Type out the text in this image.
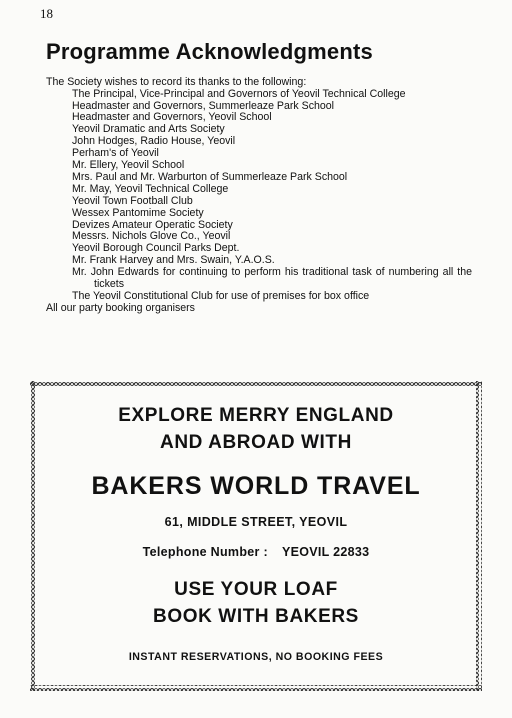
18
Programme Acknowledgments
The Society wishes to record its thanks to the following:
The Principal, Vice-Principal and Governors of Yeovil Technical College
Headmaster and Governors, Summerleaze Park School
Headmaster and Governors, Yeovil School
Yeovil Dramatic and Arts Society
John Hodges, Radio House, Yeovil
Perham's of Yeovil
Mr. Ellery, Yeovil School
Mrs. Paul and Mr. Warburton of Summerleaze Park School
Mr. May, Yeovil Technical College
Yeovil Town Football Club
Wessex Pantomime Society
Devizes Amateur Operatic Society
Messrs. Nichols Glove Co., Yeovil
Yeovil Borough Council Parks Dept.
Mr. Frank Harvey and Mrs. Swain, Y.A.O.S.
Mr. John Edwards for continuing to perform his traditional task of numbering all the tickets
The Yeovil Constitutional Club for use of premises for box office
All our party booking organisers
EXPLORE MERRY ENGLAND
AND ABROAD WITH
BAKERS WORLD TRAVEL
61, MIDDLE STREET, YEOVIL
Telephone Number : YEOVIL 22833
USE YOUR LOAF
BOOK WITH BAKERS
INSTANT RESERVATIONS, NO BOOKING FEES
